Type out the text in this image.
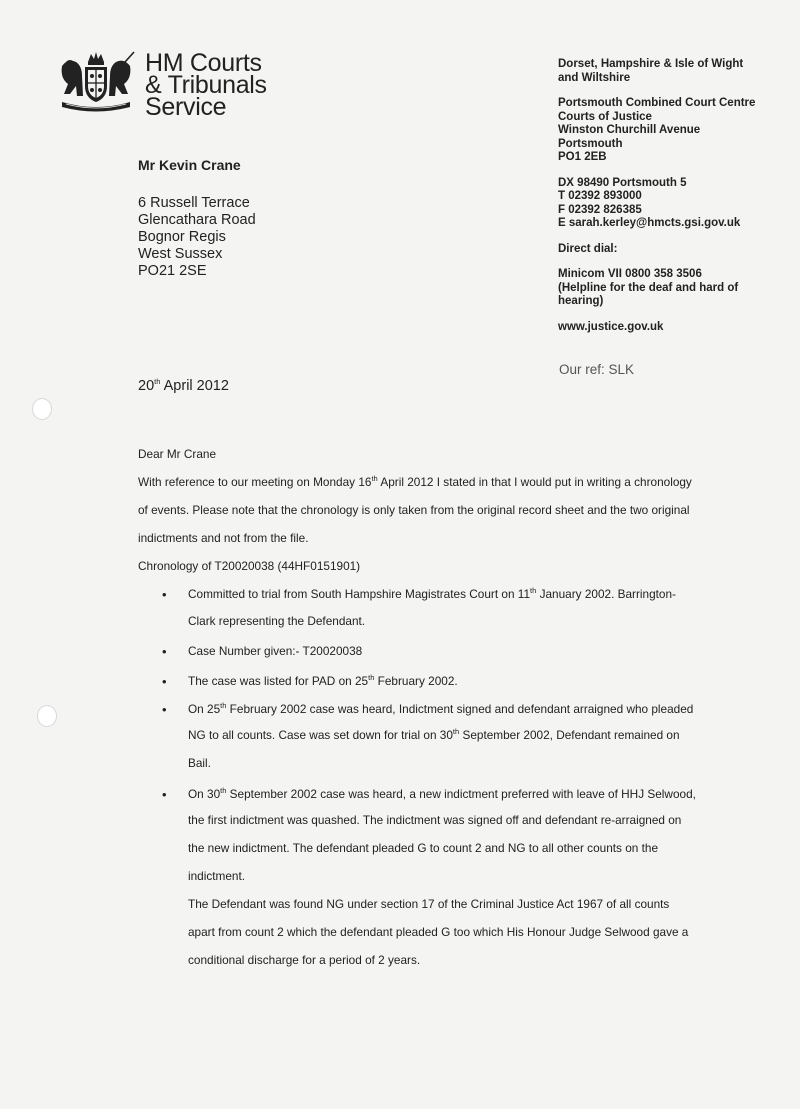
HM Courts
& Tribunals
Service
Dorset, Hampshire & Isle of Wight
and Wiltshire
Portsmouth Combined Court Centre
Courts of Justice
Winston Churchill Avenue
Portsmouth
PO1 2EB
DX 98490 Portsmouth 5
T 02392 893000
F 02392 826385
E sarah.kerley@hmcts.gsi.gov.uk
Direct dial:
Minicom VII 0800 358 3506
(Helpline for the deaf and hard of
hearing)
www.justice.gov.uk
Our ref: SLK
Mr Kevin Crane
6 Russell Terrace
Glencathara Road
Bognor Regis
West Sussex
PO21 2SE
20th April 2012
Dear Mr Crane
With reference to our meeting on Monday 16th April 2012 I stated in that I would put in writing a chronology
of events. Please note that the chronology is only taken from the original record sheet and the two original
indictments and not from the file.
Chronology of T20020038 (44HF0151901)
• Committed to trial from South Hampshire Magistrates Court on 11th January 2002. Barrington-
Clark representing the Defendant.
• Case Number given:- T20020038
• The case was listed for PAD on 25th February 2002.
• On 25th February 2002 case was heard, Indictment signed and defendant arraigned who pleaded
NG to all counts. Case was set down for trial on 30th September 2002, Defendant remained on
Bail.
• On 30th September 2002 case was heard, a new indictment preferred with leave of HHJ Selwood,
the first indictment was quashed. The indictment was signed off and defendant re-arraigned on
the new indictment. The defendant pleaded G to count 2 and NG to all other counts on the
indictment.
The Defendant was found NG under section 17 of the Criminal Justice Act 1967 of all counts
apart from count 2 which the defendant pleaded G too which His Honour Judge Selwood gave a
conditional discharge for a period of 2 years.
